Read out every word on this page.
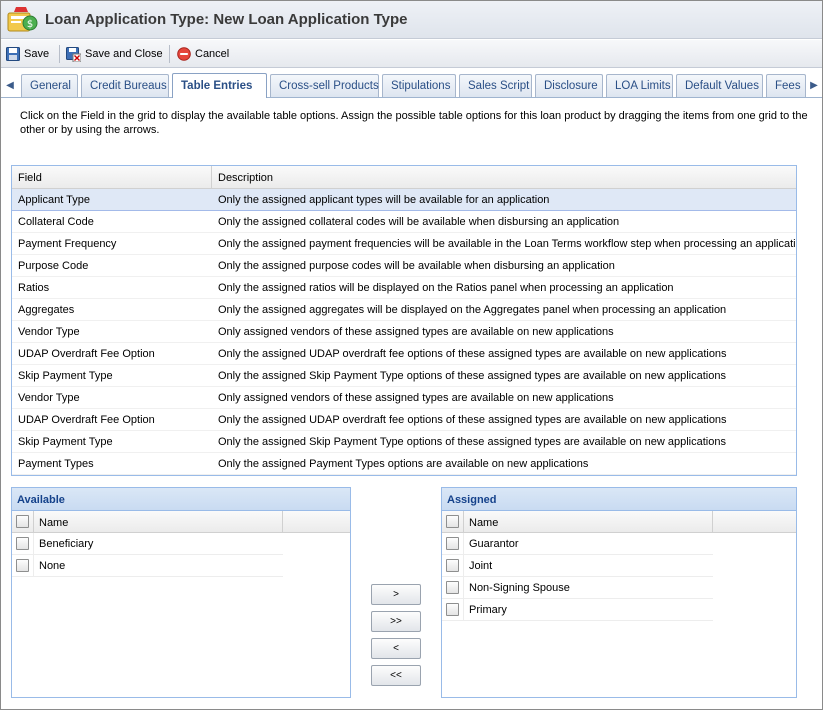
$ Loan Application Type: New Loan Application Type
Save	Save and Close	Cancel
◀ General Credit Bureaus Table Entries Cross-sell Products Stipulations Sales Script Disclosure LOA Limits Default Values Fees ▶
Click on the Field in the grid to display the available table options. Assign the possible table options for this loan product by dragging the items from one grid to the other or by using the arrows.
Field	Description
Applicant Type	Only the assigned applicant types will be available for an application
Collateral Code	Only the assigned collateral codes will be available when disbursing an application
Payment Frequency	Only the assigned payment frequencies will be available in the Loan Terms workflow step when processing an applicati
Purpose Code	Only the assigned purpose codes will be available when disbursing an application
Ratios	Only the assigned ratios will be displayed on the Ratios panel when processing an application
Aggregates	Only the assigned aggregates will be displayed on the Aggregates panel when processing an application
Vendor Type	Only assigned vendors of these assigned types are available on new applications
UDAP Overdraft Fee Option	Only the assigned UDAP overdraft fee options of these assigned types are available on new applications
Skip Payment Type	Only the assigned Skip Payment Type options of these assigned types are available on new applications
Vendor Type	Only assigned vendors of these assigned types are available on new applications
UDAP Overdraft Fee Option	Only the assigned UDAP overdraft fee options of these assigned types are available on new applications
Skip Payment Type	Only the assigned Skip Payment Type options of these assigned types are available on new applications
Payment Types	Only the assigned Payment Types options are available on new applications
Available
Name
Beneficiary
None
>
>>
<
<<
Assigned
Name
Guarantor
Joint
Non-Signing Spouse
Primary
